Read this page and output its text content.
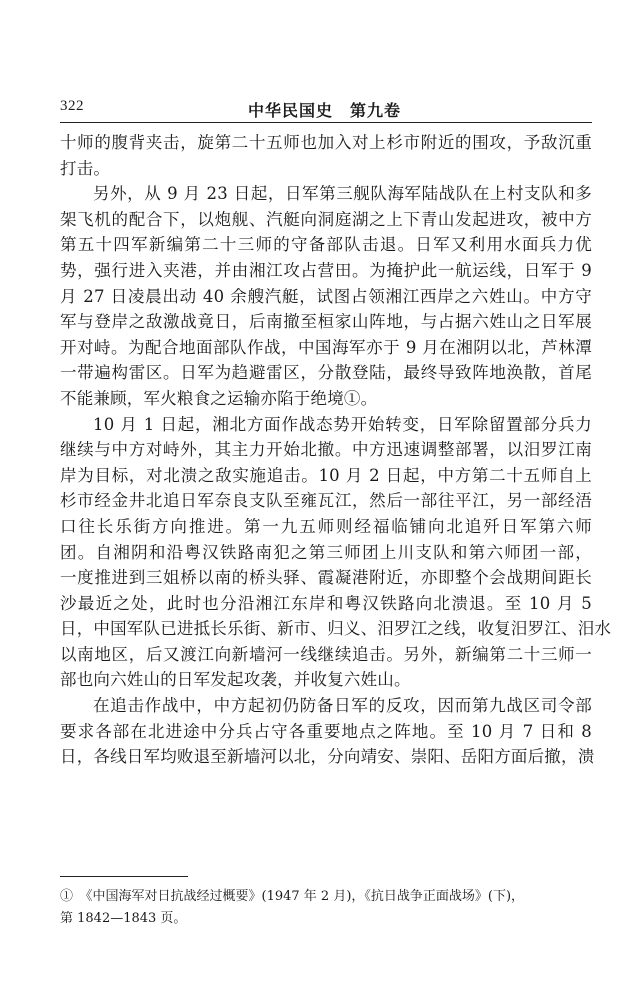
322	中华民国史　第九卷
十师的腹背夹击，旋第二十五师也加入对上杉市附近的围攻，予敌沉重
打击。
另外，从 9 月 23 日起，日军第三舰队海军陆战队在上村支队和多
架飞机的配合下，以炮舰、汽艇向洞庭湖之上下青山发起进攻，被中方
第五十四军新编第二十三师的守备部队击退。日军又利用水面兵力优
势，强行进入夹港，并由湘江攻占营田。为掩护此一航运线，日军于 9
月 27 日凌晨出动 40 余艘汽艇，试图占领湘江西岸之六姓山。中方守
军与登岸之敌激战竟日，后南撤至桓家山阵地，与占据六姓山之日军展
开对峙。为配合地面部队作战，中国海军亦于 9 月在湘阴以北，芦林潭
一带遍构雷区。日军为趋避雷区，分散登陆，最终导致阵地涣散，首尾
不能兼顾，军火粮食之运输亦陷于绝境①。
10 月 1 日起，湘北方面作战态势开始转变，日军除留置部分兵力
继续与中方对峙外，其主力开始北撤。中方迅速调整部署，以汨罗江南
岸为目标，对北溃之敌实施追击。10 月 2 日起，中方第二十五师自上
杉市经金井北追日军奈良支队至雍瓦江，然后一部往平江，另一部经浯
口往长乐街方向推进。第一九五师则经福临铺向北追歼日军第六师
团。自湘阴和沿粤汉铁路南犯之第三师团上川支队和第六师团一部，
一度推进到三姐桥以南的桥头驿、霞凝港附近，亦即整个会战期间距长
沙最近之处，此时也分沿湘江东岸和粤汉铁路向北溃退。至 10 月 5
日，中国军队已进抵长乐街、新市、归义、汨罗江之线，收复汨罗江、汨水
以南地区，后又渡江向新墙河一线继续追击。另外，新编第二十三师一
部也向六姓山的日军发起攻袭，并收复六姓山。
在追击作战中，中方起初仍防备日军的反攻，因而第九战区司令部
要求各部在北进途中分兵占守各重要地点之阵地。至 10 月 7 日和 8
日，各线日军均败退至新墙河以北，分向靖安、崇阳、岳阳方面后撤，溃
①　《中国海军对日抗战经过概要》(1947 年 2 月)，《抗日战争正面战场》(下)，
第 1842—1843 页。
